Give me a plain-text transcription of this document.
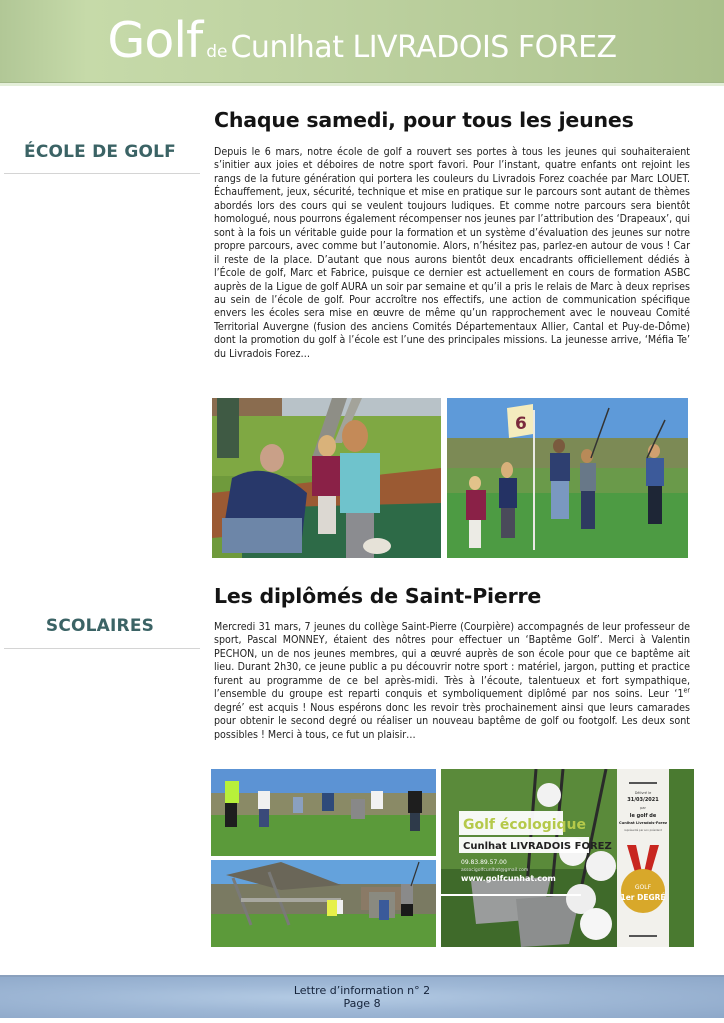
Golf de Cunlhat LIVRADOIS FOREZ
ÉCOLE DE GOLF
Chaque samedi, pour tous les jeunes
Depuis le 6 mars, notre école de golf a rouvert ses portes à tous les jeunes qui souhaiteraient s’initier aux joies et déboires de notre sport favori. Pour l’instant, quatre enfants ont rejoint les rangs de la future génération qui portera les couleurs du Livradois Forez coachée par Marc LOUET. Échauffement, jeux, sécurité, technique et mise en pratique sur le parcours sont autant de thèmes abordés lors des cours qui se veulent toujours ludiques. Et comme notre parcours sera bientôt homologué, nous pourrons également récompenser nos jeunes par l’attribution des ‘Drapeaux’, qui sont à la fois un véritable guide pour la formation et un système d’évaluation des jeunes sur notre propre parcours, avec comme but l’autonomie. Alors, n’hésitez pas, parlez-en autour de vous ! Car il reste de la place. D’autant que nous aurons bientôt deux encadrants officiellement dédiés à l’École de golf, Marc et Fabrice, puisque ce dernier est actuellement en cours de formation ASBC auprès de la Ligue de golf AURA un soir par semaine et qu’il a pris le relais de Marc à deux reprises au sein de l’école de golf. Pour accroître nos effectifs, une action de communication spécifique envers les écoles sera mise en œuvre de même qu’un rapprochement avec le nouveau Comité Territorial Auvergne (fusion des anciens Comités Départementaux Allier, Cantal et Puy-de-Dôme) dont la promotion du golf à l’école est l’une des principales missions. La jeunesse arrive, ‘Méfia Te’ du Livradois Forez…
6
SCOLAIRES
Les diplômés de Saint-Pierre
Mercredi 31 mars, 7 jeunes du collège Saint-Pierre (Courpière) accompagnés de leur professeur de sport, Pascal MONNEY, étaient des nôtres pour effectuer un ‘Baptême Golf’. Merci à Valentin PECHON, un de nos jeunes membres, qui a œuvré auprès de son école pour que ce baptême ait lieu. Durant 2h30, ce jeune public a pu découvrir notre sport : matériel, jargon, putting et practice furent au programme de ce bel après-midi. Très à l’écoute, talentueux et fort sympathique, l’ensemble du groupe est reparti conquis et symboliquement diplômé par nos soins. Leur ‘1er degré’ est acquis ! Nous espérons donc les revoir très prochainement ainsi que leurs camarades pour obtenir le second degré ou réaliser un nouveau baptême de golf ou footgolf. Les deux sont possibles ! Merci à tous, ce fut un plaisir…
Golf écologique
Cunlhat LIVRADOIS FOREZ
09.83.89.57.00
associgolfcunlhat@gmail.com
www.golfcunhat.com
Délivré le
31/03/2021
par
le golf de
Cunlhat Livradois-Forez
représenté par son président
GOLF
1er DEGRÉ
Lettre d’information n° 2
Page 8
